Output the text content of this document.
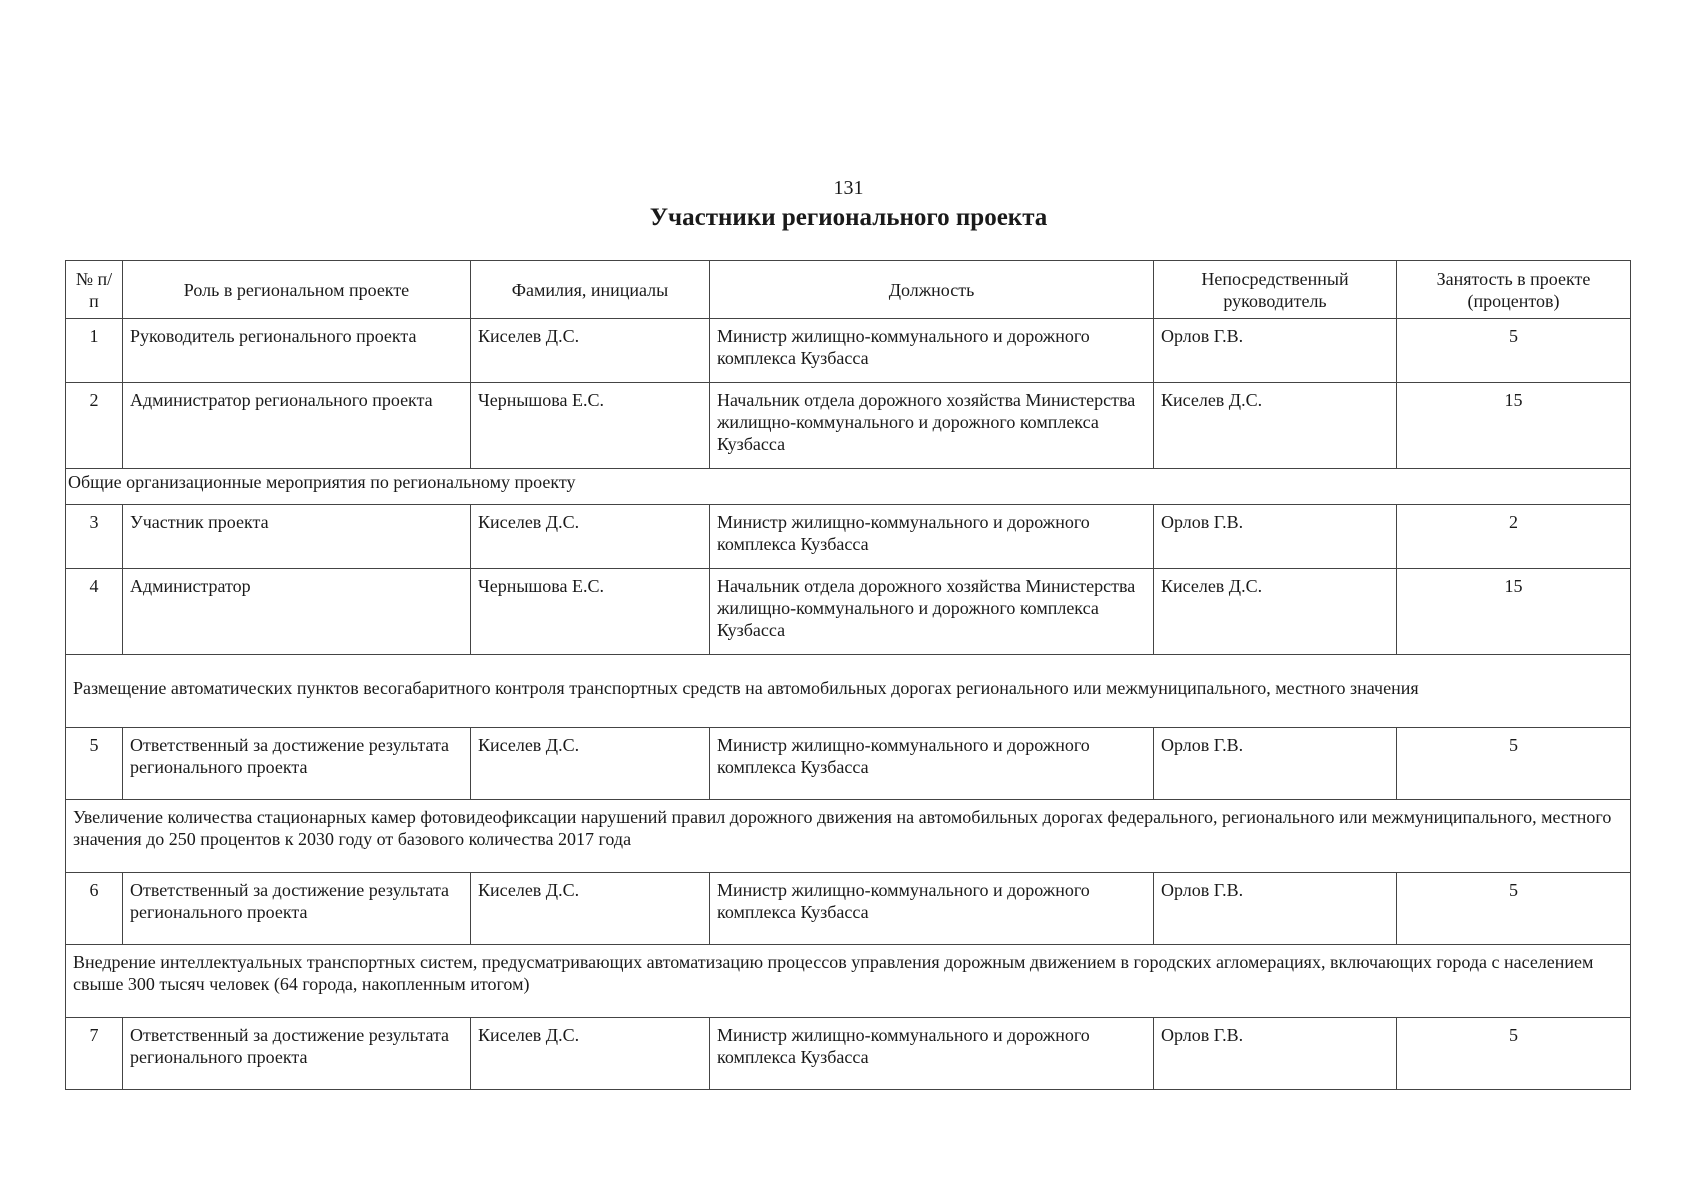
131
Участники регионального проекта
№ п/п	Роль в региональном проекте	Фамилия, инициалы	Должность	Непосредственный руководитель	Занятость в проекте (процентов)
1	Руководитель регионального проекта	Киселев Д.С.	Министр жилищно-коммунального и дорожного комплекса Кузбасса	Орлов Г.В.	5
2	Администратор регионального проекта	Чернышова Е.С.	Начальник отдела дорожного хозяйства Министерства жилищно-коммунального и дорожного комплекса Кузбасса	Киселев Д.С.	15
Общие организационные мероприятия по региональному проекту					
3	Участник проекта	Киселев Д.С.	Министр жилищно-коммунального и дорожного комплекса Кузбасса	Орлов Г.В.	2
4	Администратор	Чернышова Е.С.	Начальник отдела дорожного хозяйства Министерства жилищно-коммунального и дорожного комплекса Кузбасса	Киселев Д.С.	15
Размещение автоматических пунктов весогабаритного контроля транспортных средств на автомобильных дорогах регионального или межмуниципального, местного значения					
5	Ответственный за достижение результата регионального проекта	Киселев Д.С.	Министр жилищно-коммунального и дорожного комплекса Кузбасса	Орлов Г.В.	5
Увеличение количества стационарных камер фотовидеофиксации нарушений правил дорожного движения на автомобильных дорогах федерального, регионального или межмуниципального, местного значения до 250 процентов к 2030 году от базового количества 2017 года					
6	Ответственный за достижение результата регионального проекта	Киселев Д.С.	Министр жилищно-коммунального и дорожного комплекса Кузбасса	Орлов Г.В.	5
Внедрение интеллектуальных транспортных систем, предусматривающих автоматизацию процессов управления дорожным движением в городских агломерациях, включающих города с населением свыше 300 тысяч человек (64 города, накопленным итогом)					
7	Ответственный за достижение результата регионального проекта	Киселев Д.С.	Министр жилищно-коммунального и дорожного комплекса Кузбасса	Орлов Г.В.	5
